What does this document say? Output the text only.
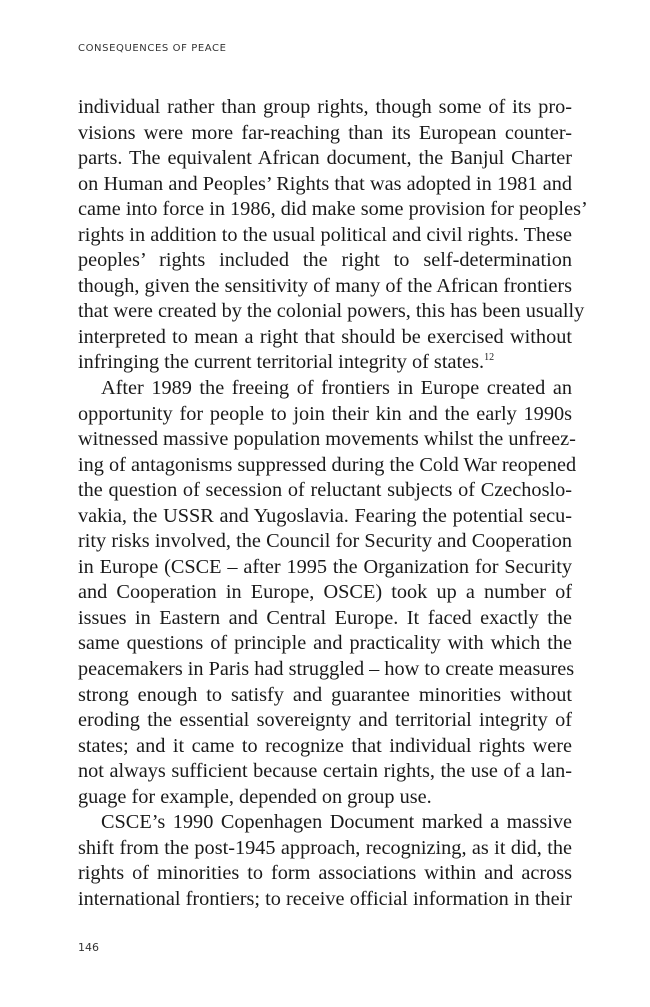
CONSEQUENCES OF PEACE
individual rather than group rights, though some of its pro-
visions were more far-reaching than its European counter-
parts. The equivalent African document, the Banjul Charter
on Human and Peoples’ Rights that was adopted in 1981 and
came into force in 1986, did make some provision for peoples’
rights in addition to the usual political and civil rights. These
peoples’ rights included the right to self-determination
though, given the sensitivity of many of the African frontiers
that were created by the colonial powers, this has been usually
interpreted to mean a right that should be exercised without
infringing the current territorial integrity of states.$^{12}$
After 1989 the freeing of frontiers in Europe created an
opportunity for people to join their kin and the early 1990s
witnessed massive population movements whilst the unfreez-
ing of antagonisms suppressed during the Cold War reopened
the question of secession of reluctant subjects of Czechoslo-
vakia, the USSR and Yugoslavia. Fearing the potential secu-
rity risks involved, the Council for Security and Cooperation
in Europe (CSCE – after 1995 the Organization for Security
and Cooperation in Europe, OSCE) took up a number of
issues in Eastern and Central Europe. It faced exactly the
same questions of principle and practicality with which the
peacemakers in Paris had struggled – how to create measures
strong enough to satisfy and guarantee minorities without
eroding the essential sovereignty and territorial integrity of
states; and it came to recognize that individual rights were
not always sufficient because certain rights, the use of a lan-
guage for example, depended on group use.
CSCE’s 1990 Copenhagen Document marked a massive
shift from the post-1945 approach, recognizing, as it did, the
rights of minorities to form associations within and across
international frontiers; to receive official information in their
146
